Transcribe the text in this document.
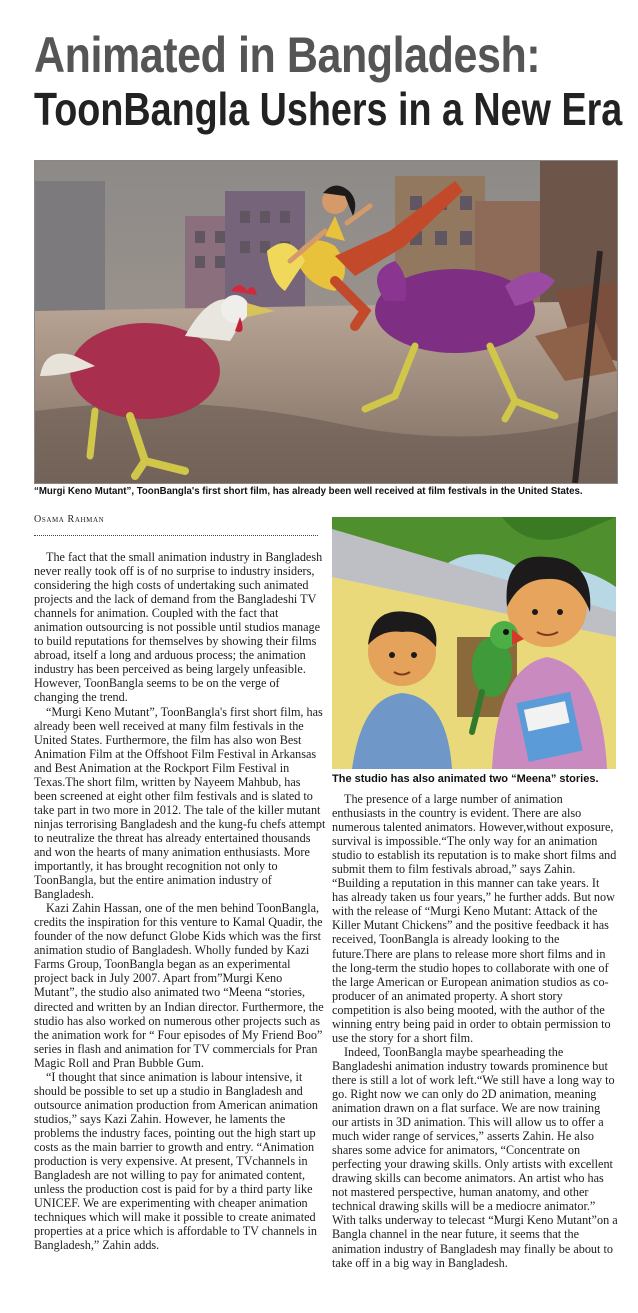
Animated in Bangladesh:
ToonBangla Ushers in a New Era
“Murgi Keno Mutant”, ToonBangla's first short film, has already been well received at film festivals in the United States.
Osama Rahman

The fact that the small animation industry in Bangladesh never really took off is of no surprise to industry insiders, considering the high costs of undertaking such animated projects and the lack of demand from the Bangladeshi TV channels for animation. Coupled with the fact that animation outsourcing is not possible until studios manage to build reputations for themselves by showing their films abroad, itself a long and arduous process; the animation industry has been perceived as being largely unfeasible. However, ToonBangla seems to be on the verge of changing the trend.

“Murgi Keno Mutant”, ToonBangla's first short film, has already been well received at many film festivals in the United States. Furthermore, the film has also won Best Animation Film at the Offshoot Film Festival in Arkansas and Best Animation at the Rockport Film Festival in Texas.The short film, written by Nayeem Mahbub, has been screened at eight other film festivals and is slated to take part in two more in 2012. The tale of the killer mutant ninjas terrorising Bangladesh and the kung-fu chefs attempt to neutralize the threat has already entertained thousands and won the hearts of many animation enthusiasts. More importantly, it has brought recognition not only to ToonBangla, but the entire animation industry of Bangladesh.

Kazi Zahin Hassan, one of the men behind ToonBangla, credits the inspiration for this venture to Kamal Quadir, the founder of the now defunct Globe Kids which was the first animation studio of Bangladesh. Wholly funded by Kazi Farms Group, ToonBangla began as an experimental project back in July 2007. Apart from”Murgi Keno Mutant”, the studio also animated two “Meena “stories, directed and written by an Indian director. Furthermore, the studio has also worked on numerous other projects such as the animation work for “ Four episodes of My Friend Boo” series in flash and animation for TV commercials for Pran Magic Roll and Pran Bubble Gum.

“I thought that since animation is labour intensive, it should be possible to set up a studio in Bangladesh and outsource animation production from American animation studios,” says Kazi Zahin. However, he laments the problems the industry faces, pointing out the high start up costs as the main barrier to growth and entry. “Animation production is very expensive. At present, TVchannels in Bangladesh are not willing to pay for animated content, unless the production cost is paid for by a third party like UNICEF. We are experimenting with cheaper animation techniques which will make it possible to create animated properties at a price which is affordable to TV channels in Bangladesh,” Zahin adds.

The studio has also animated two “Meena” stories.

The presence of a large number of animation enthusiasts in the country is evident. There are also numerous talented animators. However,without exposure, survival is impossible.“The only way for an animation studio to establish its reputation is to make short films and submit them to film festivals abroad,” says Zahin. “Building a reputation in this manner can take years. It has already taken us four years,” he further adds. But now with the release of “Murgi Keno Mutant: Attack of the Killer Mutant Chickens” and the positive feedback it has received, ToonBangla is already looking to the future.There are plans to release more short films and in the long-term the studio hopes to collaborate with one of the large American or European animation studios as co-producer of an animated property. A short story competition is also being mooted, with the author of the winning entry being paid in order to obtain permission to use the story for a short film.

Indeed, ToonBangla maybe spearheading the Bangladeshi animation industry towards prominence but there is still a lot of work left.“We still have a long way to go. Right now we can only do 2D animation, meaning animation drawn on a flat surface. We are now training our artists in 3D animation. This will allow us to offer a much wider range of services,” asserts Zahin. He also shares some advice for animators, “Concentrate on perfecting your drawing skills. Only artists with excellent drawing skills can become animators. An artist who has not mastered perspective, human anatomy, and other technical drawing skills will be a mediocre animator.” With talks underway to telecast “Murgi Keno Mutant”on a Bangla channel in the near future, it seems that the animation industry of Bangladesh may finally be about to take off in a big way in Bangladesh.
